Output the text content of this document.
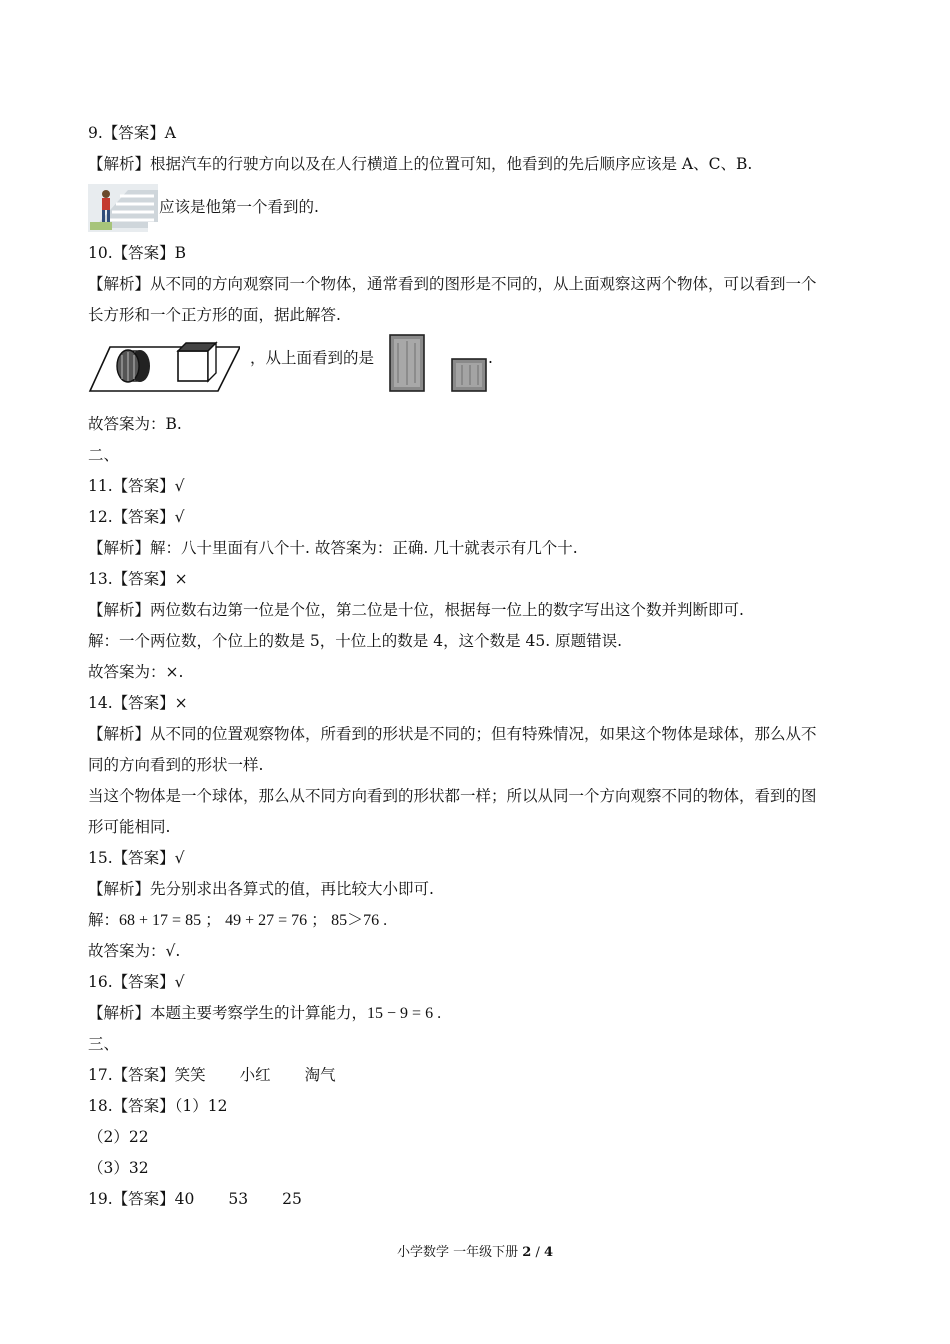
9.【答案】A
【解析】根据汽车的行驶方向以及在人行横道上的位置可知，他看到的先后顺序应该是 A、C、B.
应该是他第一个看到的.
10.【答案】B
【解析】从不同的方向观察同一个物体，通常看到的图形是不同的，从上面观察这两个物体，可以看到一个
长方形和一个正方形的面，据此解答.
，从上面看到的是	.
故答案为：B.
二、
11.【答案】√
12.【答案】√
【解析】解：八十里面有八个十. 故答案为：正确. 几十就表示有几个十.
13.【答案】×
【解析】两位数右边第一位是个位，第二位是十位，根据每一位上的数字写出这个数并判断即可.
解：一个两位数，个位上的数是 5，十位上的数是 4，这个数是 45. 原题错误.
故答案为：×.
14.【答案】×
【解析】从不同的位置观察物体，所看到的形状是不同的；但有特殊情况，如果这个物体是球体，那么从不
同的方向看到的形状一样.
当这个物体是一个球体，那么从不同方向看到的形状都一样；所以从同一个方向观察不同的物体，看到的图
形可能相同.
15.【答案】√
【解析】先分别求出各算式的值，再比较大小即可.
解：68 + 17 = 85 ； 49 + 27 = 76 ； 85＞76 .
故答案为：√.
16.【答案】√
【解析】本题主要考察学生的计算能力，15 − 9 = 6 .
三、
17.【答案】笑笑 小红 淘气
18.【答案】（1）12
（2）22
（3）32
19.【答案】40 53 25
小学数学 一年级下册 2 / 4
